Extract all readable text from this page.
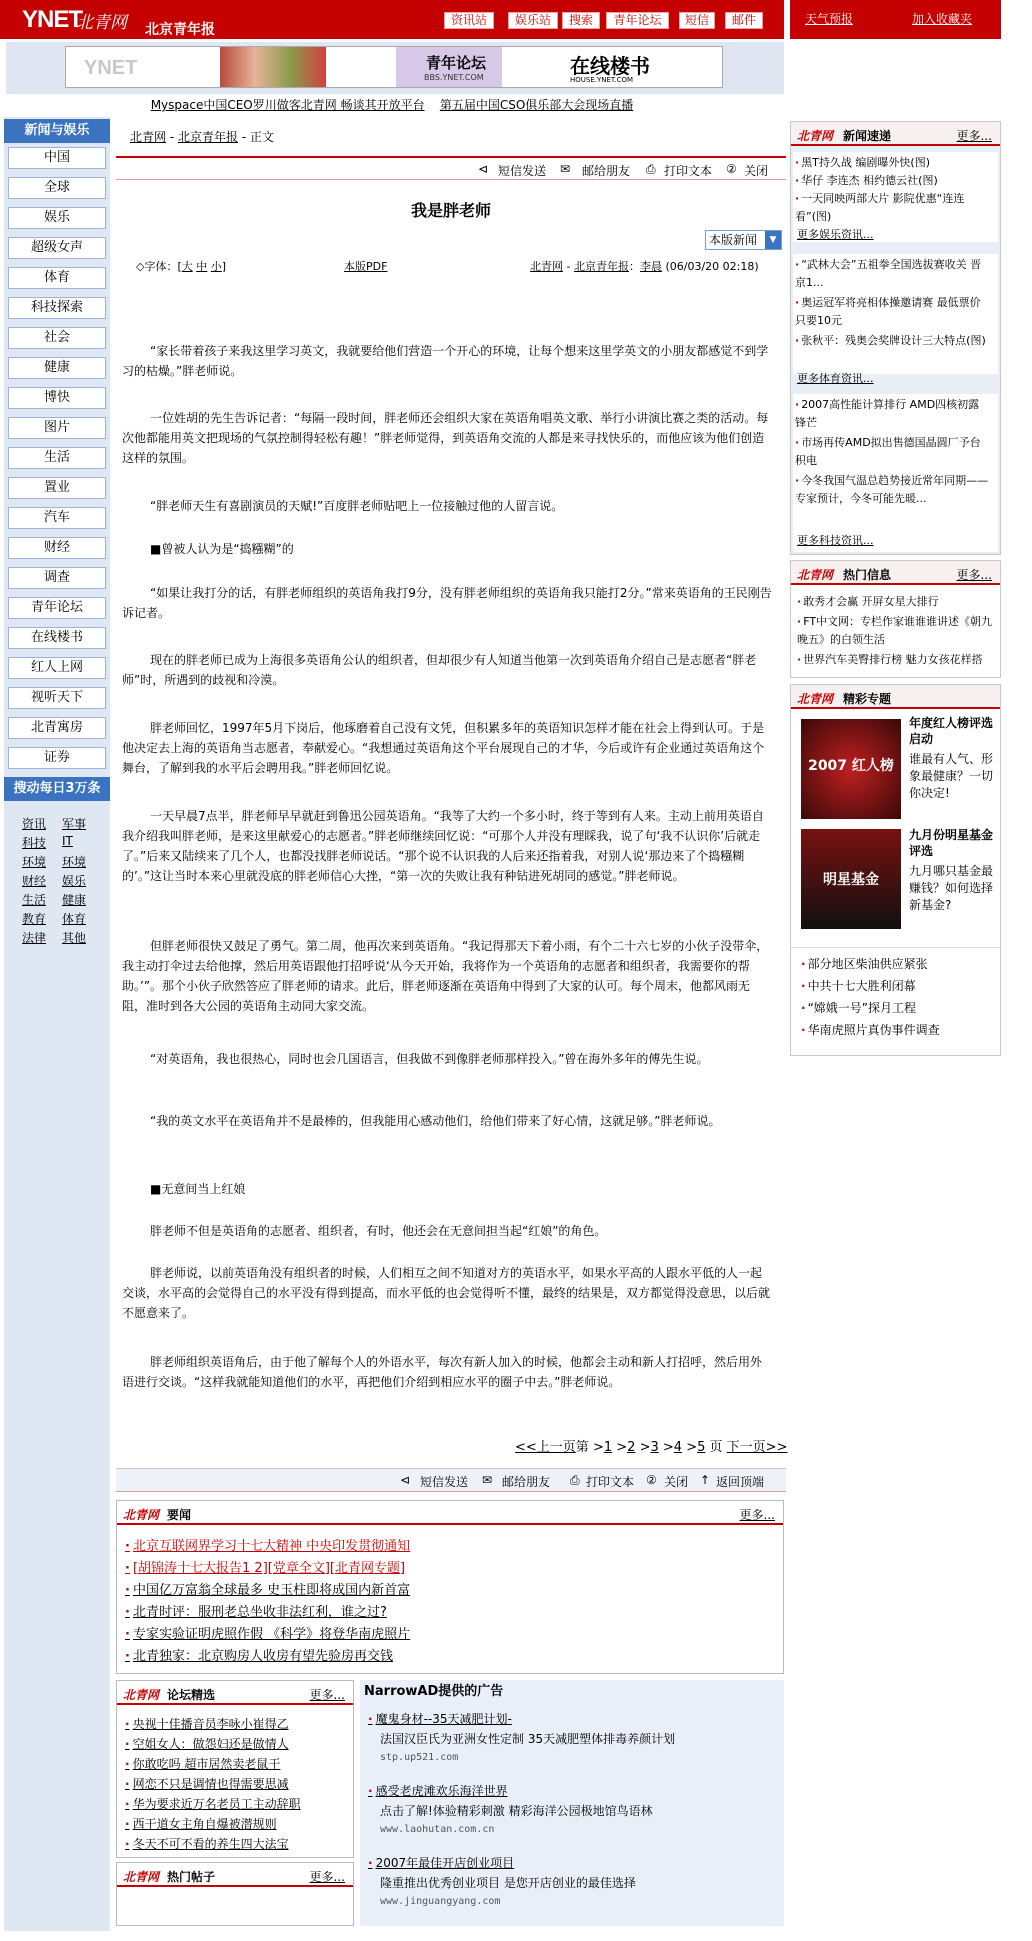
YNET
北青网 北京青年报
资讯站	娱乐站	搜索	青年论坛	短信	邮件	天气预报	加入收藏夹
YNET	青年论坛
BBS.YNET.COM	在线楼书
HOUSE.YNET.COM
Myspace中国CEO罗川做客北青网 畅谈其开放平台 第五届中国CSO俱乐部大会现场直播
新闻与娱乐
中国
全球
娱乐
超级女声
体育
科技探索
社会
健康
博快
图片
生活
置业
汽车
财经
调查
青年论坛
在线楼书
红人上网
视听天下
北青寓房
证券
搜动每日3万条
资讯 军事
科技 IT
环境 环境
财经 娱乐
生活 健康
教育 体育
法律 其他
北青网 - 北京青年报 - 正文
⊲ 短信发送 ✉ 邮给朋友 ⎙ 打印文本 ② 关闭
我是胖老师
本版新闻	▼
◇字体：[大 中 小]	本版PDF	北青网 - 北京青年报：李晨 (06/03/20 02:18)
“家长带着孩子来我这里学习英文，我就要给他们营造一个开心的环境，让每个想来这里学英文的小朋友都感觉不到学习的枯燥。”胖老师说。
一位姓胡的先生告诉记者：“每隔一段时间，胖老师还会组织大家在英语角唱英文歌、举行小讲演比赛之类的活动。每次他都能用英文把现场的气氛控制得轻松有趣！”胖老师觉得，到英语角交流的人都是来寻找快乐的，而他应该为他们创造这样的氛围。
“胖老师天生有喜剧演员的天赋!”百度胖老师贴吧上一位接触过他的人留言说。
■曾被人认为是“捣糨糊”的
“如果让我打分的话，有胖老师组织的英语角我打9分，没有胖老师组织的英语角我只能打2分。”常来英语角的王民刚告诉记者。
现在的胖老师已成为上海很多英语角公认的组织者，但却很少有人知道当他第一次到英语角介绍自己是志愿者“胖老师”时，所遇到的歧视和冷漠。
胖老师回忆，1997年5月下岗后，他琢磨着自己没有文凭，但积累多年的英语知识怎样才能在社会上得到认可。于是他决定去上海的英语角当志愿者，奉献爱心。“我想通过英语角这个平台展现自己的才华，今后或许有企业通过英语角这个舞台，了解到我的水平后会聘用我。”胖老师回忆说。
一天早晨7点半，胖老师早早就赶到鲁迅公园英语角。“我等了大约一个多小时，终于等到有人来。主动上前用英语自我介绍我叫胖老师，是来这里献爱心的志愿者。”胖老师继续回忆说：“可那个人并没有理睬我，说了句‘我不认识你’后就走了。”后来又陆续来了几个人，也都没找胖老师说话。“那个说不认识我的人后来还指着我，对别人说‘那边来了个捣糨糊的’。”这让当时本来心里就没底的胖老师信心大挫，“第一次的失败让我有种钻进死胡同的感觉。”胖老师说。
但胖老师很快又鼓足了勇气。第二周，他再次来到英语角。“我记得那天下着小雨，有个二十六七岁的小伙子没带伞，我主动打伞过去给他撑，然后用英语跟他打招呼说‘从今天开始，我将作为一个英语角的志愿者和组织者，我需要你的帮助。’”。那个小伙子欣然答应了胖老师的请求。此后，胖老师逐渐在英语角中得到了大家的认可。每个周末，他都风雨无阻，准时到各大公园的英语角主动同大家交流。
“对英语角，我也很热心，同时也会几国语言，但我做不到像胖老师那样投入。”曾在海外多年的傅先生说。
“我的英文水平在英语角并不是最棒的，但我能用心感动他们，给他们带来了好心情，这就足够。”胖老师说。
■无意间当上红娘
胖老师不但是英语角的志愿者、组织者，有时，他还会在无意间担当起“红娘”的角色。
胖老师说，以前英语角没有组织者的时候，人们相互之间不知道对方的英语水平，如果水平高的人跟水平低的人一起交谈，水平高的会觉得自己的水平没有得到提高，而水平低的也会觉得听不懂，最终的结果是，双方都觉得没意思，以后就不愿意来了。
胖老师组织英语角后，由于他了解每个人的外语水平，每次有新人加入的时候，他都会主动和新人打招呼，然后用外语进行交谈。“这样我就能知道他们的水平，再把他们介绍到相应水平的圈子中去。”胖老师说。
<<上一页第 >1 >2 >3 >4 >5 页 下一页>>
⊲ 短信发送 ✉ 邮给朋友 ⎙ 打印文本 ② 关闭 ↑ 返回顶端
北青网 要闻	更多...
· 北京互联网界学习十七大精神 中央印发贯彻通知
· [胡锦涛十七大报告1 2][党章全文][北青网专题]
· 中国亿万富翁全球最多 史玉柱即将成国内新首富
· 北青时评：服刑老总坐收非法红利，谁之过?
· 专家实验证明虎照作假 《科学》将登华南虎照片
· 北青独家：北京购房人收房有望先验房再交钱
北青网 论坛精选	更多...
· 央视十佳播音员李咏小崔得乙
· 空姐女人：做怨妇还是做情人
· 你敢吃吗 超市居然卖老鼠干
· 网恋不只是调情也得需要思减
· 华为要求近万名老员工主动辞职
· 西干道女主角自爆被潜规则
· 冬天不可不看的养生四大法宝
北青网 热门帖子	更多...
NarrowAD提供的广告
· 魔鬼身材--35天减肥计划-
法国汉臣氏为亚洲女性定制 35天减肥塑体排毒养颜计划
stp.up521.com
· 感受老虎滩欢乐海洋世界
点击了解!体验精彩刺激 精彩海洋公园极地馆鸟语林
www.laohutan.com.cn
· 2007年最佳开店创业项目
隆重推出优秀创业项目 是您开店创业的最佳选择
www.jinguangyang.com
北青网 新闻速递	更多...
· 黑T持久战 编剧曝外快(图)
· 华仔 李连杰 相约德云社(图)
· 一天同映两部大片 影院优惠“连连看”(图)
更多娱乐资讯...
· “武林大会”五祖拳全国选拔赛收关 晋京1...
· 奥运冠军将亮相体操邀请赛 最低票价只要10元
· 张秋平：残奥会奖牌设计三大特点(图)
更多体育资讯...
· 2007高性能计算排行 AMD四核初露锋芒
· 市场再传AMD拟出售德国晶圆厂予台积电
· 今冬我国气温总趋势接近常年同期——专家预计，今冬可能先暖...
更多科技资讯...
北青网 热门信息	更多...
· 敢秀才会赢 开屏女星大排行
· FT中文网：专栏作家谁谁谁讲述《朝九晚五》的白领生活
· 世界汽车美臀排行榜 魅力女孩花样搭
北青网 精彩专题
2007 红人榜
年度红人榜评选启动
谁最有人气、形象最健康？一切你决定!
明星基金
九月份明星基金评选
九月哪只基金最赚钱？如何选择新基金?
· 部分地区柴油供应紧张
· 中共十七大胜利闭幕
· “嫦娥一号”探月工程
· 华南虎照片真伪事件调查
